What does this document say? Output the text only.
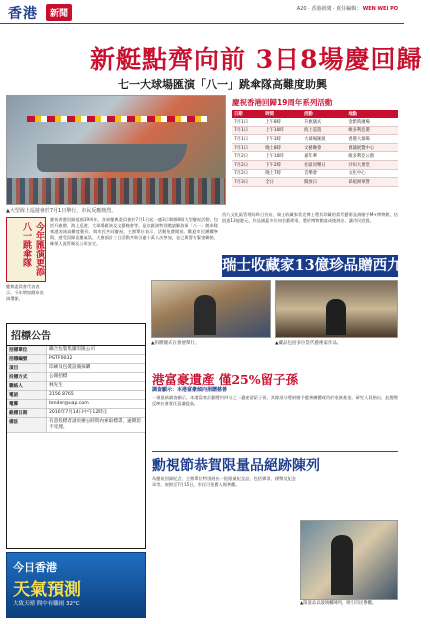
香港	新聞	A20 · 香港新聞 · 責任編輯： WEN WEI PO
新艇點齊向前 3日8場慶回歸
七一大球場匯演「八一」跳傘隊高難度助興
▲大型海上巡遊會於7月1日舉行，市民反應熱烈。
慶祝香港回歸19周年系列活動
日期	時間	活動	地點
7月1日	上午8時	升旗儀式	金紫荊廣場
7月1日	上午10時	海上巡遊	維多利亞港
7月1日	下午3時	大球場匯演	香港大球場
7月1日	晚上8時	文藝晚會	會議展覽中心
7月2日	上午10時	嘉年華	維多利亞公園
7月2日	下午2時	社區同樂日	沙田大會堂
7月2日	晚上7時	音樂會	文化中心
7月3日	全日	開放日	昂船洲軍營
今年匯演更添八一跳傘隊
慶典委員會代表表示，今年增加跳傘表演環節。
慶祝香港回歸祖國19周年，各界慶典委員會於7月1日起一連3日舉辦8場大型慶祝活動，包括升旗禮、海上巡遊、大球場匯演及文藝晚會等。是次匯演特別邀請解放軍「八一」跳傘隊來港表演高難度動作，與市民共同慶祝。主辦單位表示，活動免費開放，歡迎市民踴躍參與，感受回歸喜慶氣氛。大會預計三日活動共吸引逾十萬人次參加，並已與警方緊密聯絡，確保人流管制及公眾安全。
西九文化區管理局昨日宣布，瑞士收藏家希克博士將其珍藏的當代藝術品捐贈予M+博物館，估值達13億港元。作品涵蓋多位知名藝術家，將於博物館落成後展出，讓市民欣賞。
瑞士收藏家13億珍品贈西九M+
▲捐贈儀式在會展舉行。	▲藏品包括多位當代藝術家作品。
招標公告
招標單位	聯合包裝集團有限公司
招標編號	PGTF0032
項目	印刷及包裝設備採購
投標方式	公開招標
聯絡人	林先生
電話	2156 8765
電郵	tender@uap.com
截標日期	2016年7月14日中午12時正
備註	有意投標者請於辦公時間內索取標書，逾期恕不受理。
港富豪遺產 僅25%留子孫
調查顯示：本港富豪傾向捐贈慈善
一項最新調查顯示，本港富豪計劃將約四分之一遺產留給子孫，其餘部分將捐贈予慈善團體或用於家族基金。研究人員指出，此趨勢反映社會責任意識提高。
勳視節恭賀限量品絕跡陳列
為慶祝回歸紀念，主辦單位特別展出一批限量紀念品，包括郵票、錢幣及紀念章等，展期至7月15日。市民可免費入場參觀。
▲限量品以玻璃櫃陳列，吸引市民參觀。
今日香港
天氣預測
大致天晴 間中有驟雨 32°C
